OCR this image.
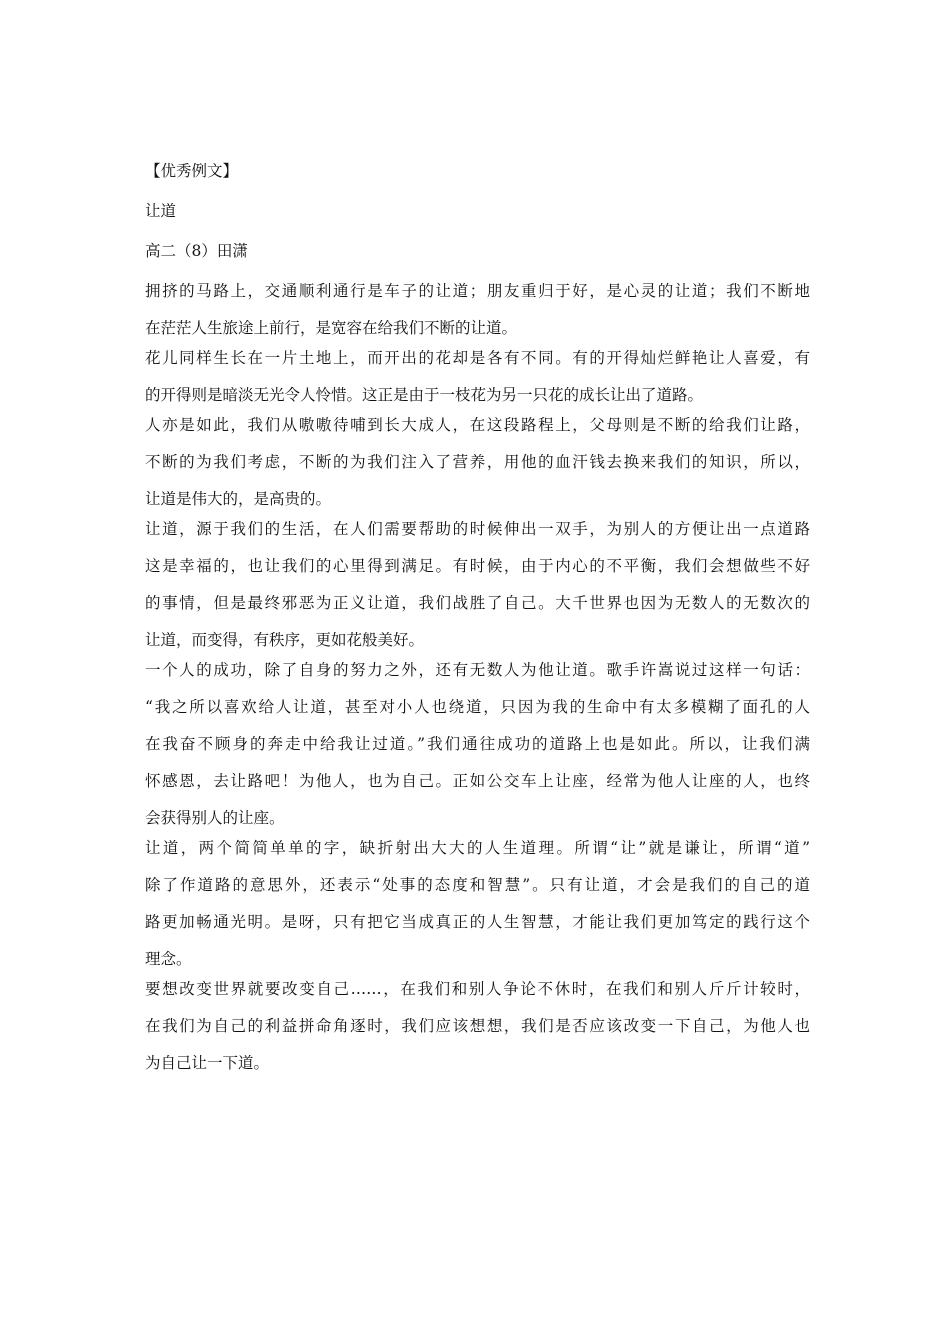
【优秀例文】
让道
高二（8）田潇
拥挤的马路上，交通顺利通行是车子的让道；朋友重归于好，是心灵的让道；我们不断地
在茫茫人生旅途上前行，是宽容在给我们不断的让道。
花儿同样生长在一片土地上，而开出的花却是各有不同。有的开得灿烂鲜艳让人喜爱，有
的开得则是暗淡无光令人怜惜。这正是由于一枝花为另一只花的成长让出了道路。
人亦是如此，我们从嗷嗷待哺到长大成人，在这段路程上，父母则是不断的给我们让路，
不断的为我们考虑，不断的为我们注入了营养，用他的血汗钱去换来我们的知识，所以，
让道是伟大的，是高贵的。
让道，源于我们的生活，在人们需要帮助的时候伸出一双手，为别人的方便让出一点道路
这是幸福的，也让我们的心里得到满足。有时候，由于内心的不平衡，我们会想做些不好
的事情，但是最终邪恶为正义让道，我们战胜了自己。大千世界也因为无数人的无数次的
让道，而变得，有秩序，更如花般美好。
一个人的成功，除了自身的努力之外，还有无数人为他让道。歌手许嵩说过这样一句话：
“我之所以喜欢给人让道，甚至对小人也绕道，只因为我的生命中有太多模糊了面孔的人
在我奋不顾身的奔走中给我让过道。”我们通往成功的道路上也是如此。所以，让我们满
怀感恩，去让路吧！为他人，也为自己。正如公交车上让座，经常为他人让座的人，也终
会获得别人的让座。
让道，两个简简单单的字，缺折射出大大的人生道理。所谓“让”就是谦让，所谓“道”
除了作道路的意思外，还表示“处事的态度和智慧”。只有让道，才会是我们的自己的道
路更加畅通光明。是呀，只有把它当成真正的人生智慧，才能让我们更加笃定的践行这个
理念。
要想改变世界就要改变自己……，在我们和别人争论不休时，在我们和别人斤斤计较时，
在我们为自己的利益拼命角逐时，我们应该想想，我们是否应该改变一下自己，为他人也
为自己让一下道。
